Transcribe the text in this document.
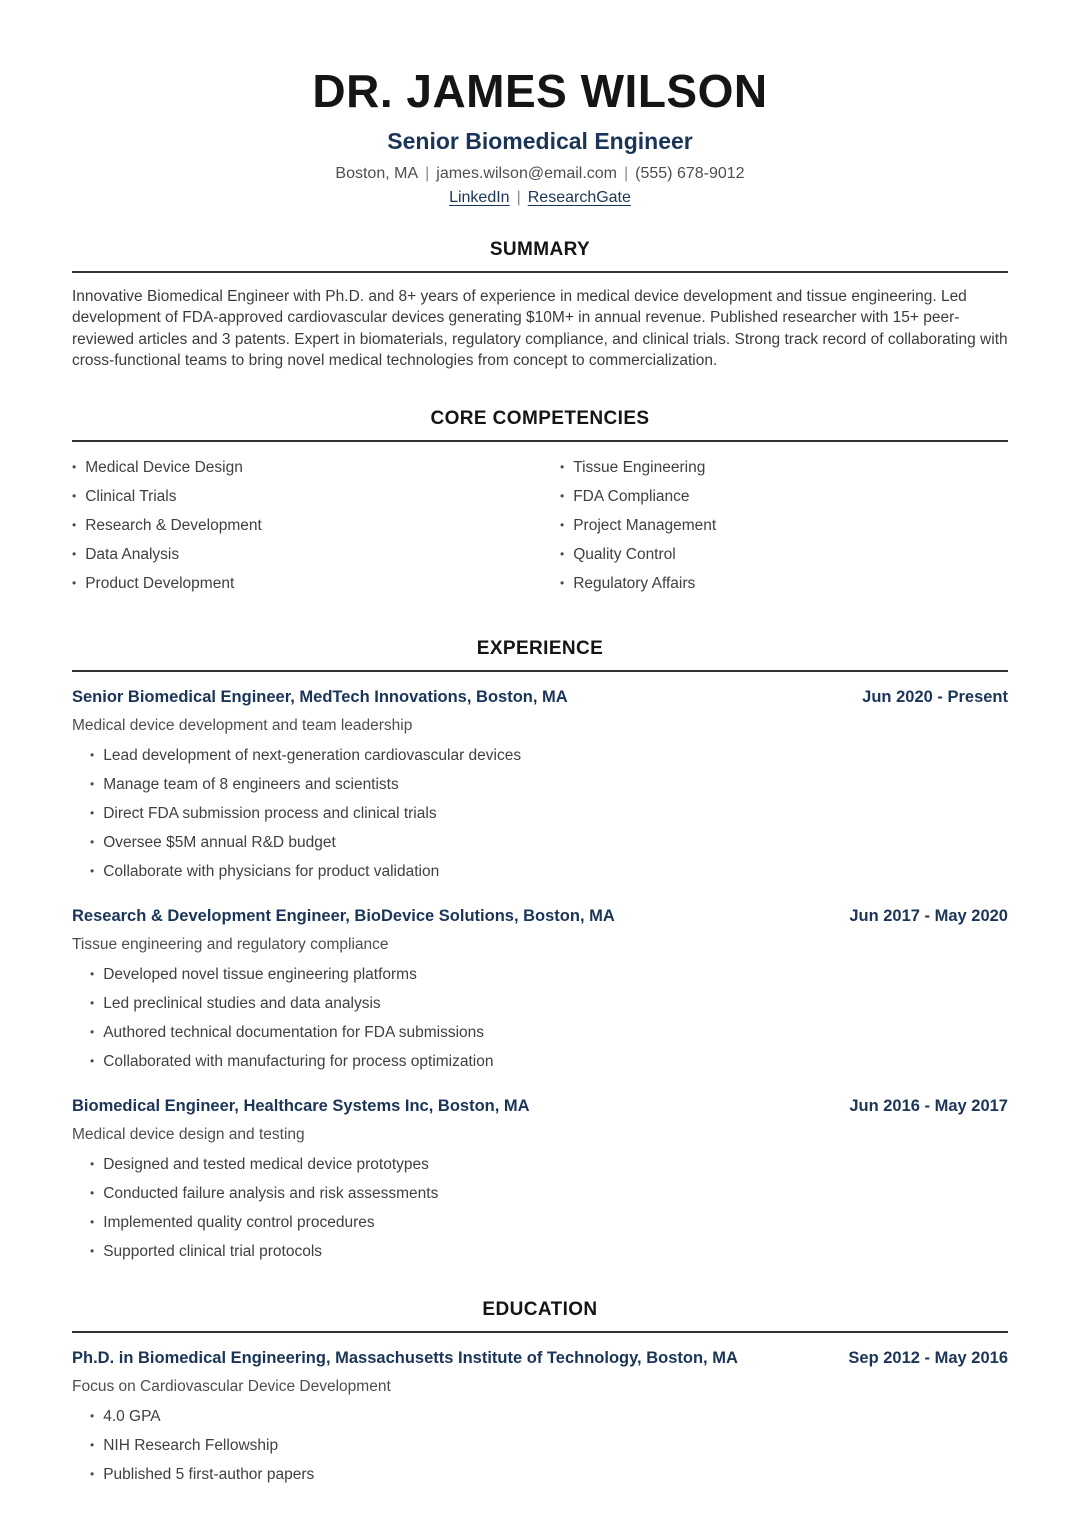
DR. JAMES WILSON
Senior Biomedical Engineer
Boston, MA | james.wilson@email.com | (555) 678-9012
LinkedIn | ResearchGate
SUMMARY

Innovative Biomedical Engineer with Ph.D. and 8+ years of experience in medical device development and tissue engineering. Led development of FDA-approved cardiovascular devices generating $10M+ in annual revenue. Published researcher with 15+ peer-reviewed articles and 3 patents. Expert in biomaterials, regulatory compliance, and clinical trials. Strong track record of collaborating with cross-functional teams to bring novel medical technologies from concept to commercialization.

CORE COMPETENCIES
• Medical Device Design
• Clinical Trials
• Research & Development
• Data Analysis
• Product Development
• Tissue Engineering
• FDA Compliance
• Project Management
• Quality Control
• Regulatory Affairs
EXPERIENCE
Senior Biomedical Engineer, MedTech Innovations, Boston, MA	Jun 2020 - Present
Medical device development and team leadership
• Lead development of next-generation cardiovascular devices
• Manage team of 8 engineers and scientists
• Direct FDA submission process and clinical trials
• Oversee $5M annual R&D budget
• Collaborate with physicians for product validation
Research & Development Engineer, BioDevice Solutions, Boston, MA	Jun 2017 - May 2020
Tissue engineering and regulatory compliance
• Developed novel tissue engineering platforms
• Led preclinical studies and data analysis
• Authored technical documentation for FDA submissions
• Collaborated with manufacturing for process optimization
Biomedical Engineer, Healthcare Systems Inc, Boston, MA	Jun 2016 - May 2017
Medical device design and testing
• Designed and tested medical device prototypes
• Conducted failure analysis and risk assessments
• Implemented quality control procedures
• Supported clinical trial protocols
EDUCATION
Ph.D. in Biomedical Engineering, Massachusetts Institute of Technology, Boston, MA	Sep 2012 - May 2016
Focus on Cardiovascular Device Development
• 4.0 GPA
• NIH Research Fellowship
• Published 5 first-author papers
